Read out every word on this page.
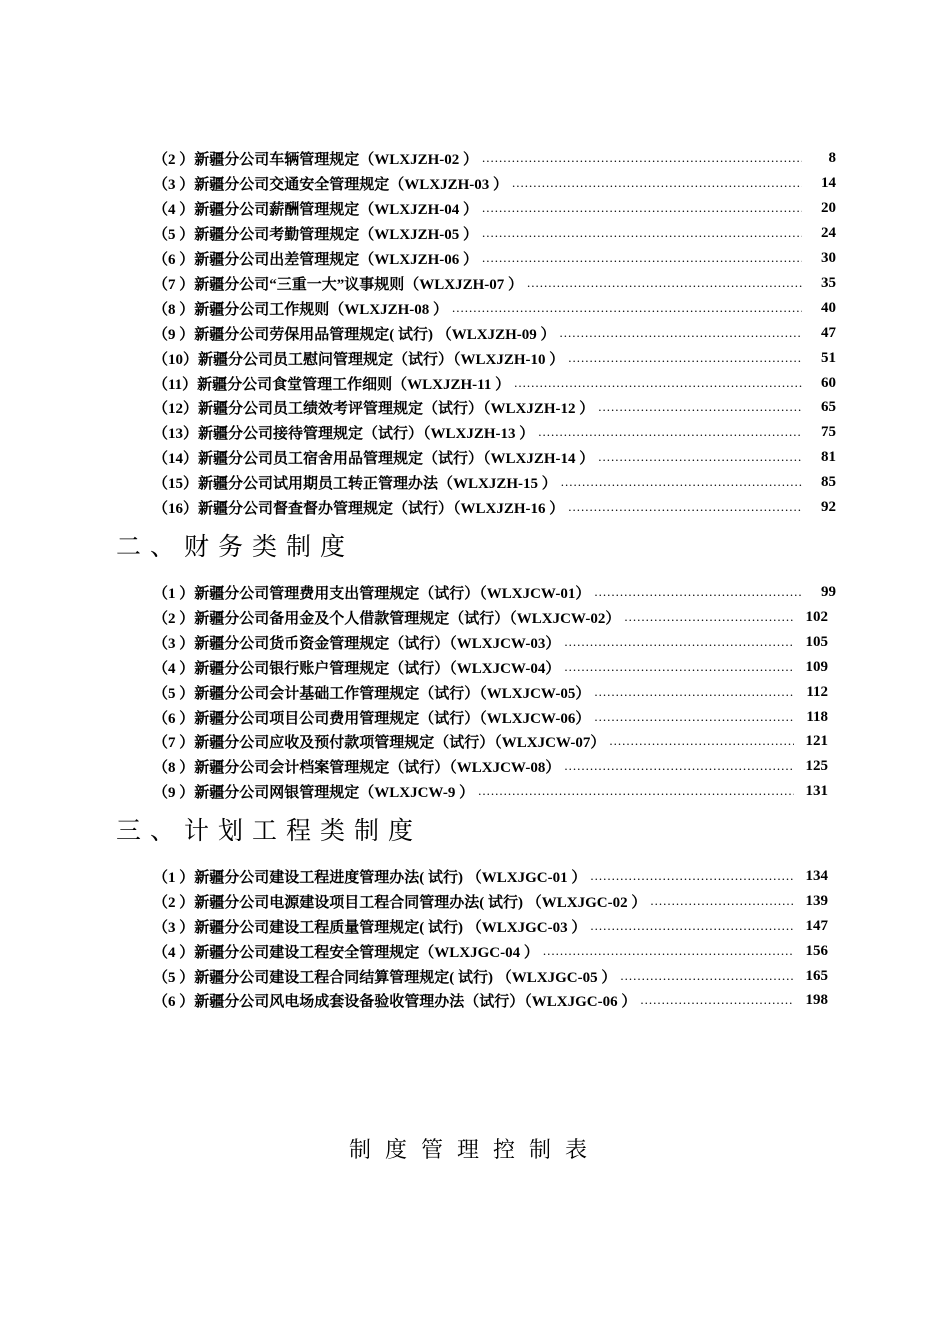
（2 ）新疆分公司车辆管理规定（WLXJZH-02 ） .....	8
（3 ）新疆分公司交通安全管理规定（WLXJZH-03 ） .....	14
（4 ）新疆分公司薪酬管理规定（WLXJZH-04 ） .....	20
（5 ）新疆分公司考勤管理规定（WLXJZH-05 ） .....	24
（6 ）新疆分公司出差管理规定（WLXJZH-06 ） .....	30
（7 ）新疆分公司“三重一大”议事规则（WLXJZH-07 ） .....	35
（8 ）新疆分公司工作规则（WLXJZH-08 ） .....	40
（9 ）新疆分公司劳保用品管理规定( 试行) （WLXJZH-09 ） .....	47
（10）新疆分公司员工慰问管理规定（试行）（WLXJZH-10 ） .....	51
（11）新疆分公司食堂管理工作细则（WLXJZH-11 ） .....	60
（12）新疆分公司员工绩效考评管理规定（试行）（WLXJZH-12 ） .....	65
（13）新疆分公司接待管理规定（试行）（WLXJZH-13 ） .....	75
（14）新疆分公司员工宿舍用品管理规定（试行）（WLXJZH-14 ） .....	81
（15）新疆分公司试用期员工转正管理办法（WLXJZH-15 ） .....	85
（16）新疆分公司督查督办管理规定（试行）（WLXJZH-16 ） .....	92
二、财务类制度
（1 ）新疆分公司管理费用支出管理规定（试行）（WLXJCW-01） .....	99
（2 ）新疆分公司备用金及个人借款管理规定（试行）（WLXJCW-02） .....	102
（3 ）新疆分公司货币资金管理规定（试行）（WLXJCW-03） .....	105
（4 ）新疆分公司银行账户管理规定（试行）（WLXJCW-04） .....	109
（5 ）新疆分公司会计基础工作管理规定（试行）（WLXJCW-05） .....	112
（6 ）新疆分公司项目公司费用管理规定（试行）（WLXJCW-06） .....	118
（7 ）新疆分公司应收及预付款项管理规定（试行）（WLXJCW-07） .....	121
（8 ）新疆分公司会计档案管理规定（试行）（WLXJCW-08） .....	125
（9 ）新疆分公司网银管理规定（WLXJCW-9 ） .....	131
三、计划工程类制度
（1 ）新疆分公司建设工程进度管理办法( 试行) （WLXJGC-01 ） .....	134
（2 ）新疆分公司电源建设项目工程合同管理办法( 试行) （WLXJGC-02 ） .....	139
（3 ）新疆分公司建设工程质量管理规定( 试行) （WLXJGC-03 ） .....	147
（4 ）新疆分公司建设工程安全管理规定（WLXJGC-04 ） .....	156
（5 ）新疆分公司建设工程合同结算管理规定( 试行) （WLXJGC-05 ） .....	165
（6 ）新疆分公司风电场成套设备验收管理办法（试行）（WLXJGC-06 ） .....	198
制度管理控制表
